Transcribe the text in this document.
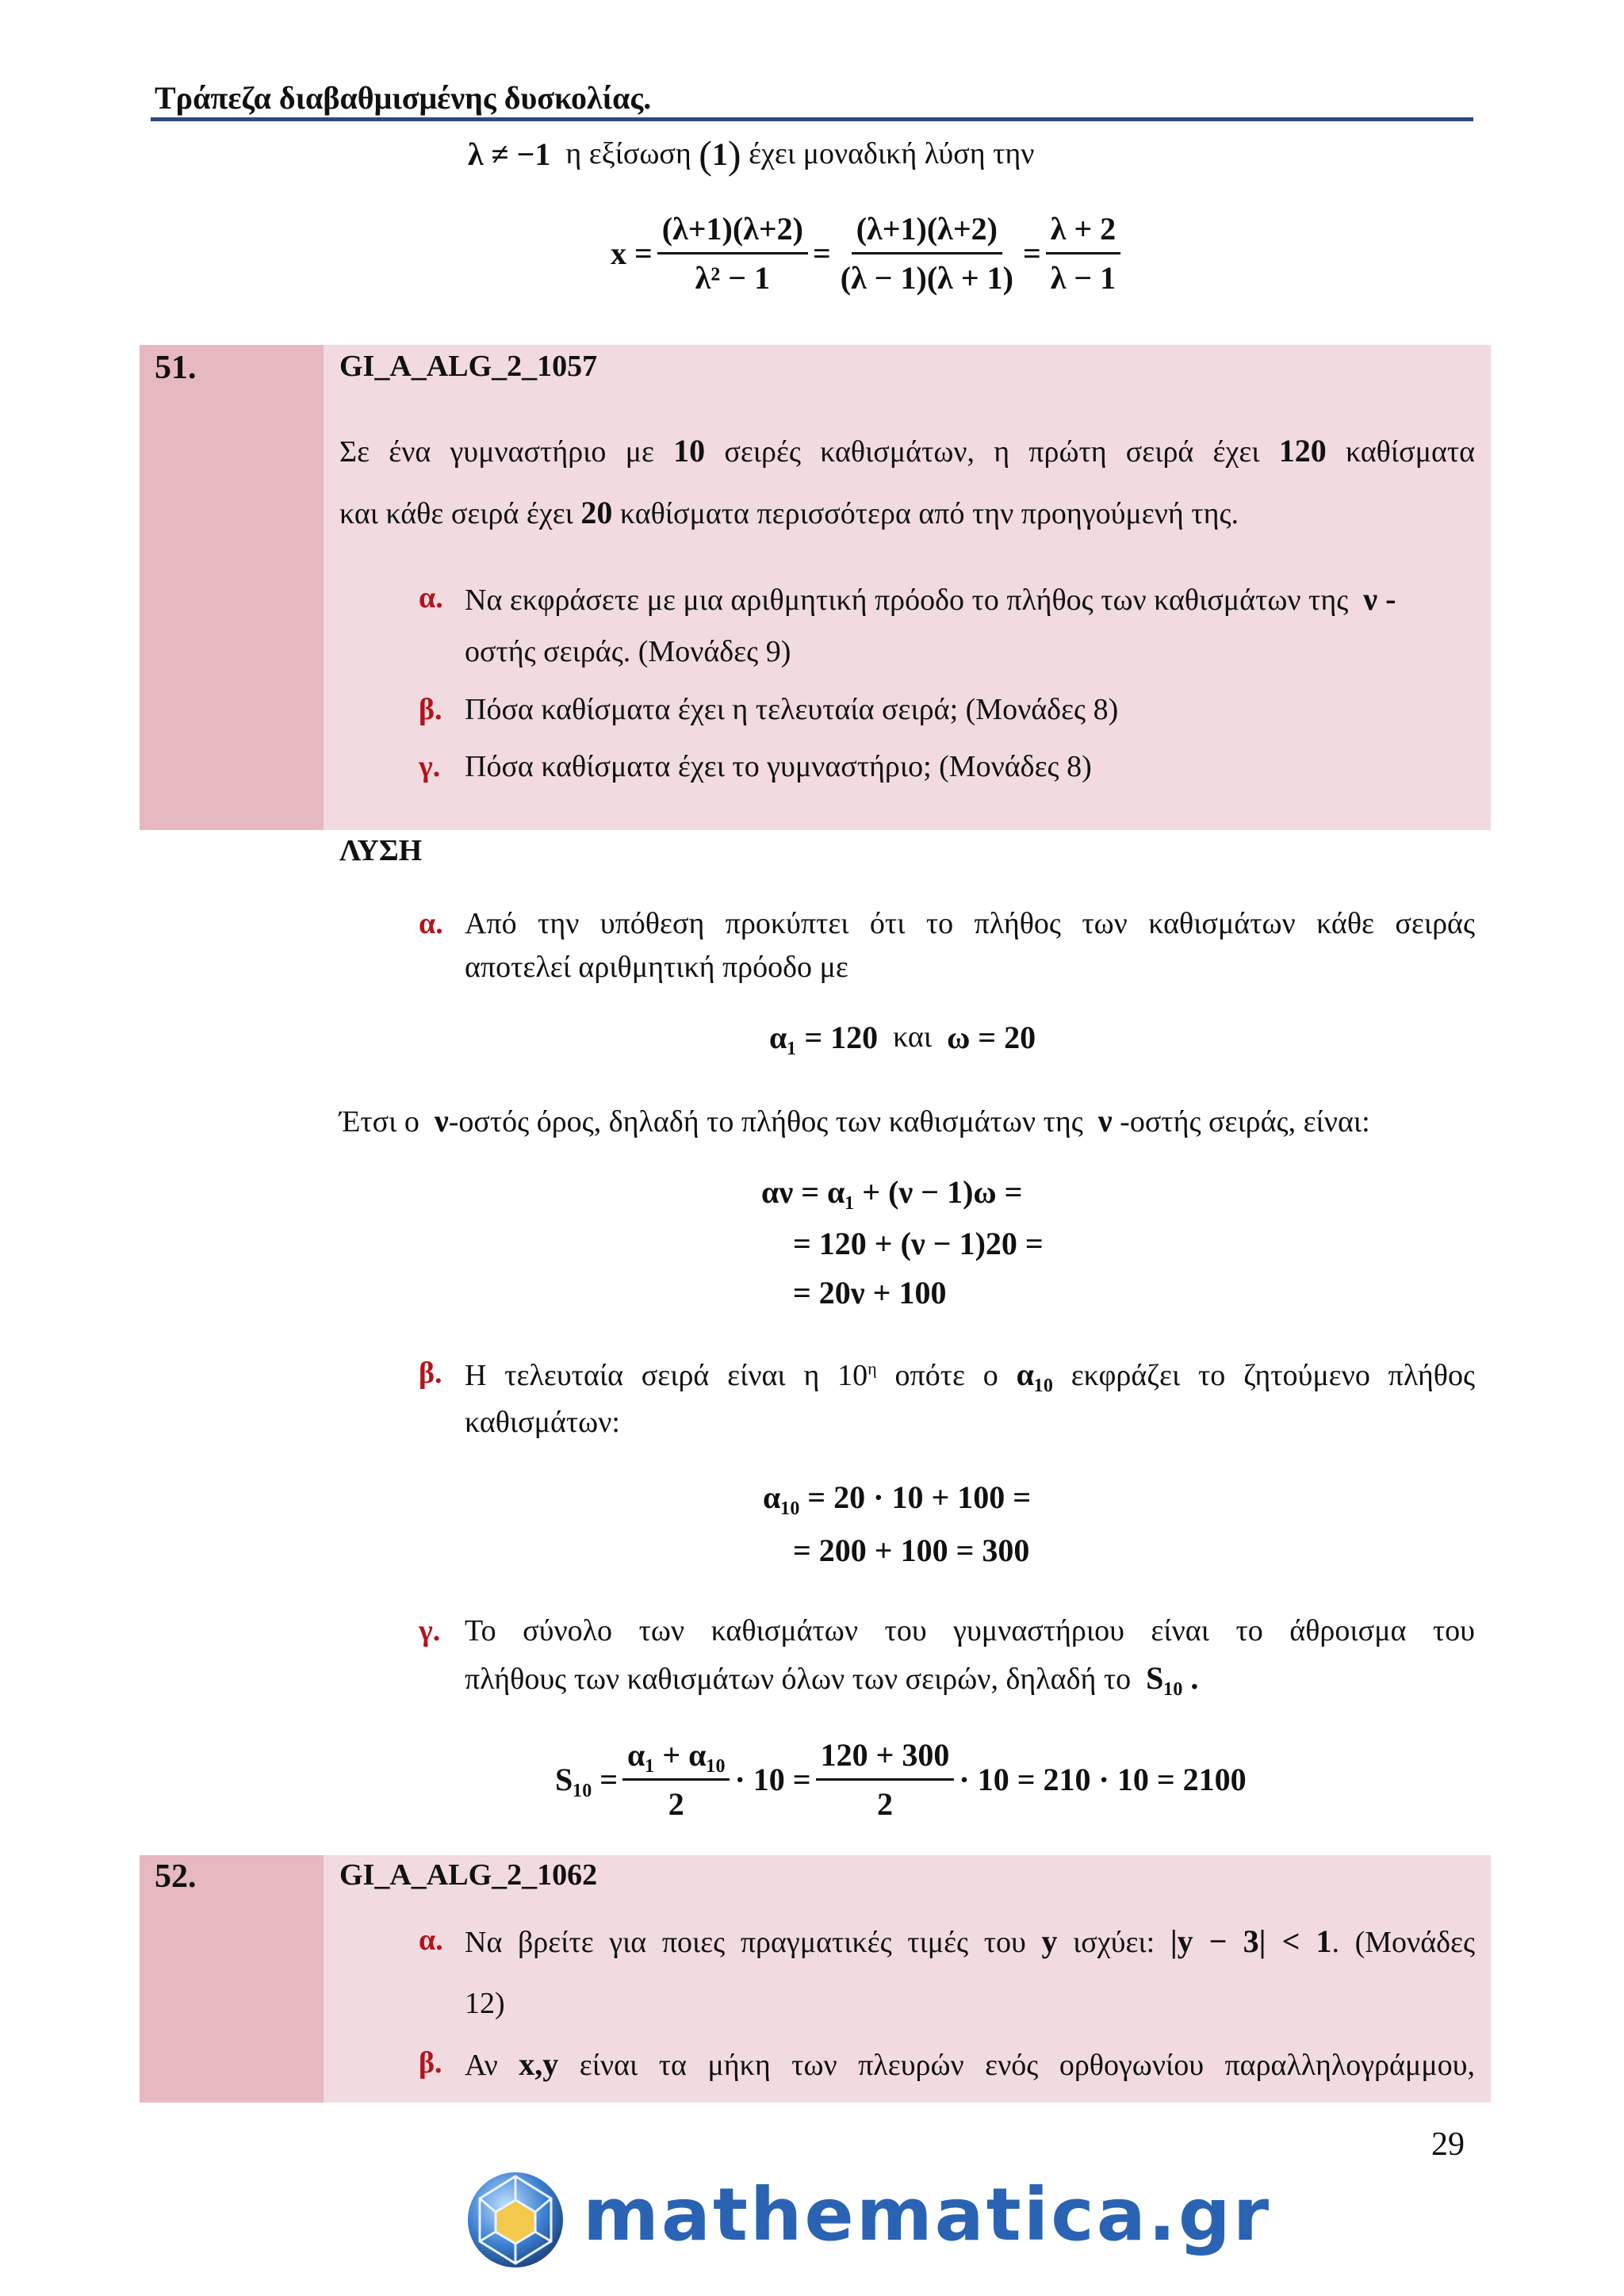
Τράπεζα διαβαθμισμένης δυσκολίας.
λ ≠ −1
η εξίσωση
( 1 )
έχει μοναδική λύση την
$x = \frac{(\lambda+1)(\lambda+2)}{\text{λ² − 1}} = \frac{(\lambda+1)(\lambda+2)}{(\lambda - 1)(\lambda + 1)} = \frac{\lambda + 2}{\lambda - 1}$
51.	GI_A_ALG_2_1057
Σε ένα γυμναστήριο με 10 σειρές καθισμάτων, η πρώτη σειρά έχει 120 καθίσματα
και κάθε σειρά έχει 20 καθίσματα περισσότερα από την προηγούμενή της.
α. Να εκφράσετε με μια αριθμητική πρόοδο το πλήθος των καθισμάτων της ν -
οστής σειράς. (Μονάδες 9)
β. Πόσα καθίσματα έχει η τελευταία σειρά; (Μονάδες 8)
γ. Πόσα καθίσματα έχει το γυμναστήριο; (Μονάδες 8)
ΛΥΣΗ
α. Από την υπόθεση προκύπτει ότι το πλήθος των καθισμάτων κάθε σειράς
αποτελεί αριθμητική πρόοδο με
α₁ = 120
και
ω = 20
Έτσι ο ν-οστός όρος, δηλαδή το πλήθος των καθισμάτων της ν -οστής σειράς, είναι:
αν = α₁ + (ν − 1)ω =
= 120 + (ν − 1)20 =
= 20ν + 100
β. Η τελευταία σειρά είναι η $10^\eta$ οπότε ο α₁₀ εκφράζει το ζητούμενο πλήθος
καθισμάτων:
α₁₀ = 20 · 10 + 100 =
= 200 + 100 = 300
γ. Το σύνολο των καθισμάτων του γυμναστήριου είναι το άθροισμα του
πλήθους των καθισμάτων όλων των σειρών, δηλαδή το S₁₀ .
$S_{10} = \frac{\text{α₁ + α₁₀}}{2} \cdot 10 = \frac{120 + 300}{2} \cdot 10 = 210 \cdot 10 = 2100$
52.	GI_A_ALG_2_1062
α. Να βρείτε για ποιες πραγματικές τιμές του y ισχύει: |y − 3| < 1. (Μονάδες
12)
β. Αν x,y είναι τα μήκη των πλευρών ενός ορθογωνίου παραλληλογράμμου,
29
mathematica.gr
